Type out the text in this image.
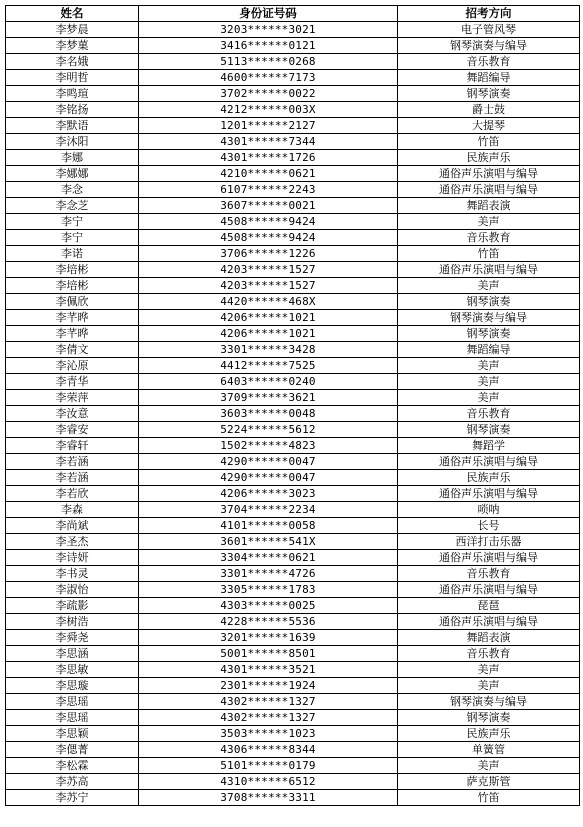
姓名	身份证号码	招考方向
李梦晨	3203******3021	电子管风琴
李梦菓	3416******0121	钢琴演奏与编导
李名娥	5113******0268	音乐教育
李明哲	4600******7173	舞蹈编导
李鸣瑄	3702******0022	钢琴演奏
李铭扬	4212******003X	爵士鼓
李默语	1201******2127	大提琴
李沐阳	4301******7344	竹笛
李娜	4301******1726	民族声乐
李娜娜	4210******0621	通俗声乐演唱与编导
李念	6107******2243	通俗声乐演唱与编导
李念芝	3607******0021	舞蹈表演
李宁	4508******9424	美声
李宁	4508******9424	音乐教育
李诺	3706******1226	竹笛
李培彬	4203******1527	通俗声乐演唱与编导
李培彬	4203******1527	美声
李佩欣	4420******468X	钢琴演奏
李芊晔	4206******1021	钢琴演奏与编导
李芊晔	4206******1021	钢琴演奏
李倩文	3301******3428	舞蹈编导
李沁原	4412******7525	美声
李青华	6403******0240	美声
李荣萍	3709******3621	美声
李汝意	3603******0048	音乐教育
李睿安	5224******5612	钢琴演奏
李睿轩	1502******4823	舞蹈学
李若涵	4290******0047	通俗声乐演唱与编导
李若涵	4290******0047	民族声乐
李若欣	4206******3023	通俗声乐演唱与编导
李森	3704******2234	唢呐
李尚斌	4101******0058	长号
李圣杰	3601******541X	西洋打击乐器
李诗妍	3304******0621	通俗声乐演唱与编导
李书灵	3301******4726	音乐教育
李淑怡	3305******1783	通俗声乐演唱与编导
李疏影	4303******0025	琵琶
李树浩	4228******5536	通俗声乐演唱与编导
李舜尧	3201******1639	舞蹈表演
李思涵	5001******8501	音乐教育
李思敏	4301******3521	美声
李思璇	2301******1924	美声
李思瑶	4302******1327	钢琴演奏与编导
李思瑶	4302******1327	钢琴演奏
李思颖	3503******1023	民族声乐
李偲菁	4306******8344	单簧管
李松霖	5101******0179	美声
李苏高	4310******6512	萨克斯管
李苏宁	3708******3311	竹笛
